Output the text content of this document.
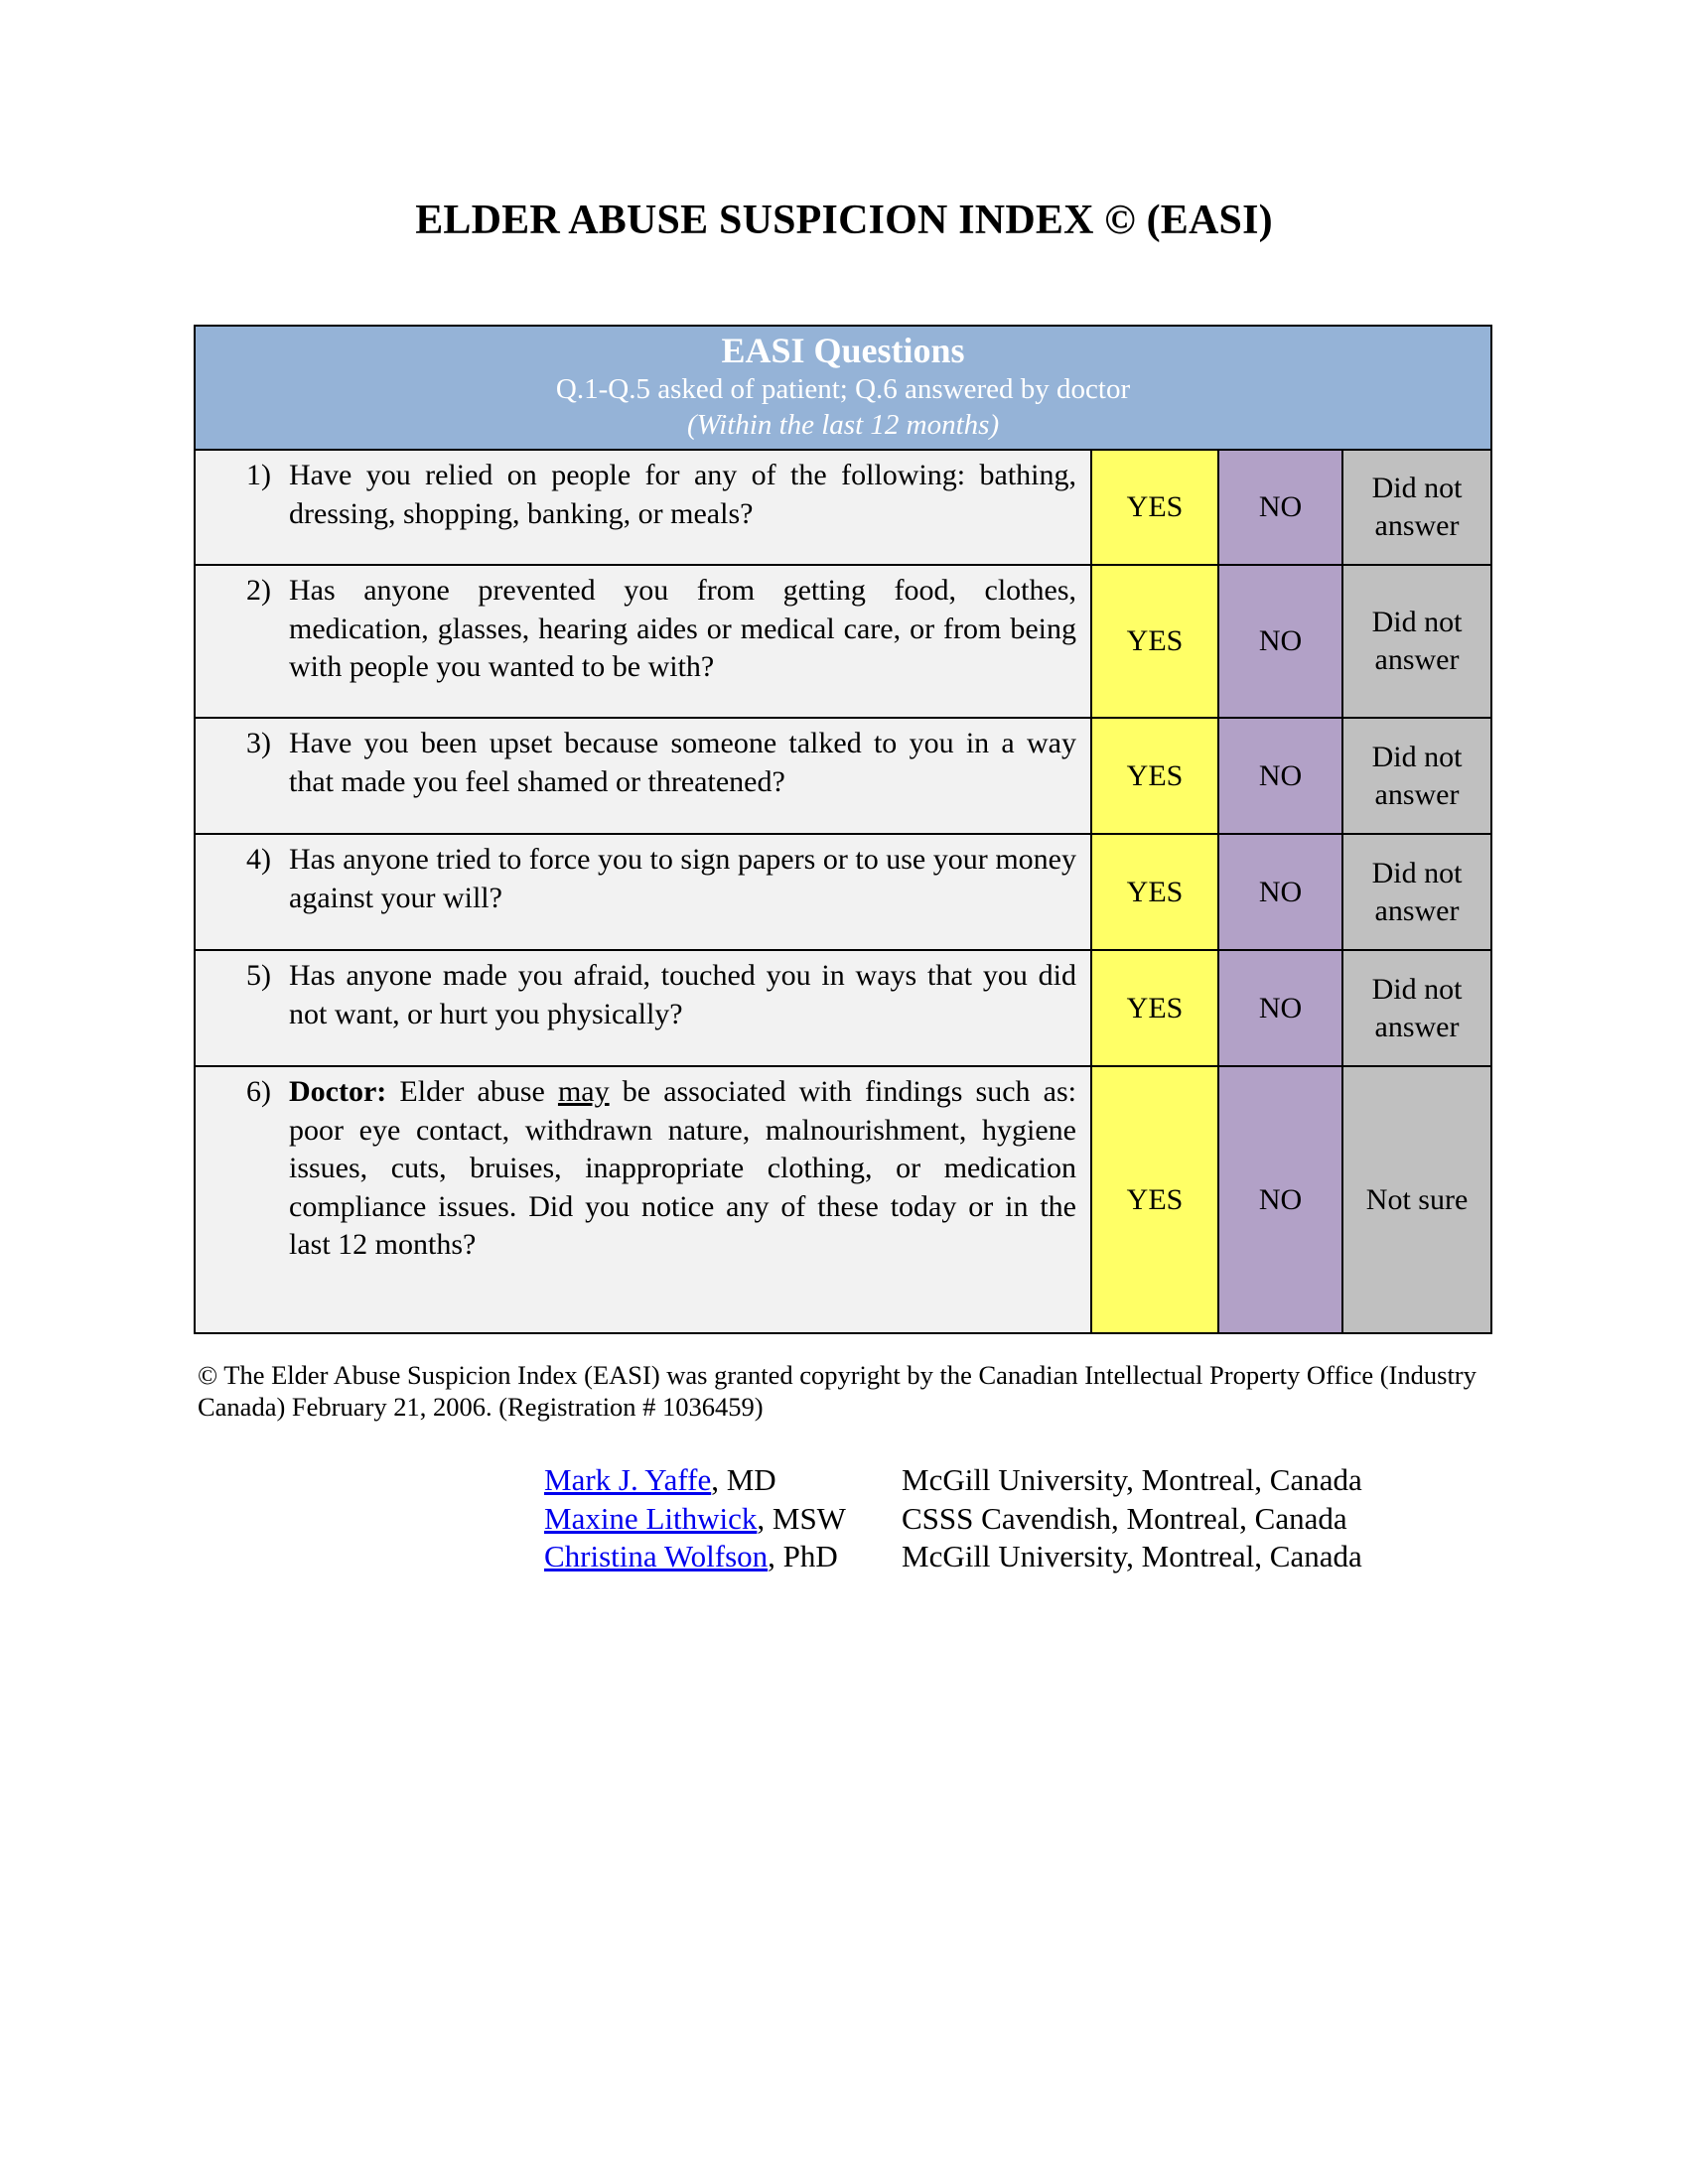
ELDER ABUSE SUSPICION INDEX © (EASI)
EASI Questions
Q.1-Q.5 asked of patient; Q.6 answered by doctor
(Within the last 12 months)			

1) Have you relied on people for any of the following: bathing, dressing, shopping, banking, or meals?	YES	NO	Did not answer

2) Has anyone prevented you from getting food, clothes, medication, glasses, hearing aides or medical care, or from being with people you wanted to be with?	YES	NO	Did not answer

3) Have you been upset because someone talked to you in a way that made you feel shamed or threatened?	YES	NO	Did not answer

4) Has anyone tried to force you to sign papers or to use your money against your will?	YES	NO	Did not answer

5) Has anyone made you afraid, touched you in ways that you did not want, or hurt you physically?	YES	NO	Did not answer

6) Doctor: Elder abuse may be associated with findings such as: poor eye contact, withdrawn nature, malnourishment, hygiene issues, cuts, bruises, inappropriate clothing, or medication compliance issues. Did you notice any of these today or in the last 12 months?	YES	NO	Not sure
© The Elder Abuse Suspicion Index (EASI) was granted copyright by the Canadian Intellectual Property Office (Industry Canada) February 21, 2006. (Registration # 1036459)
Mark J. Yaffe, MD	McGill University, Montreal, Canada
Maxine Lithwick, MSW	CSSS Cavendish, Montreal, Canada
Christina Wolfson, PhD	McGill University, Montreal, Canada
